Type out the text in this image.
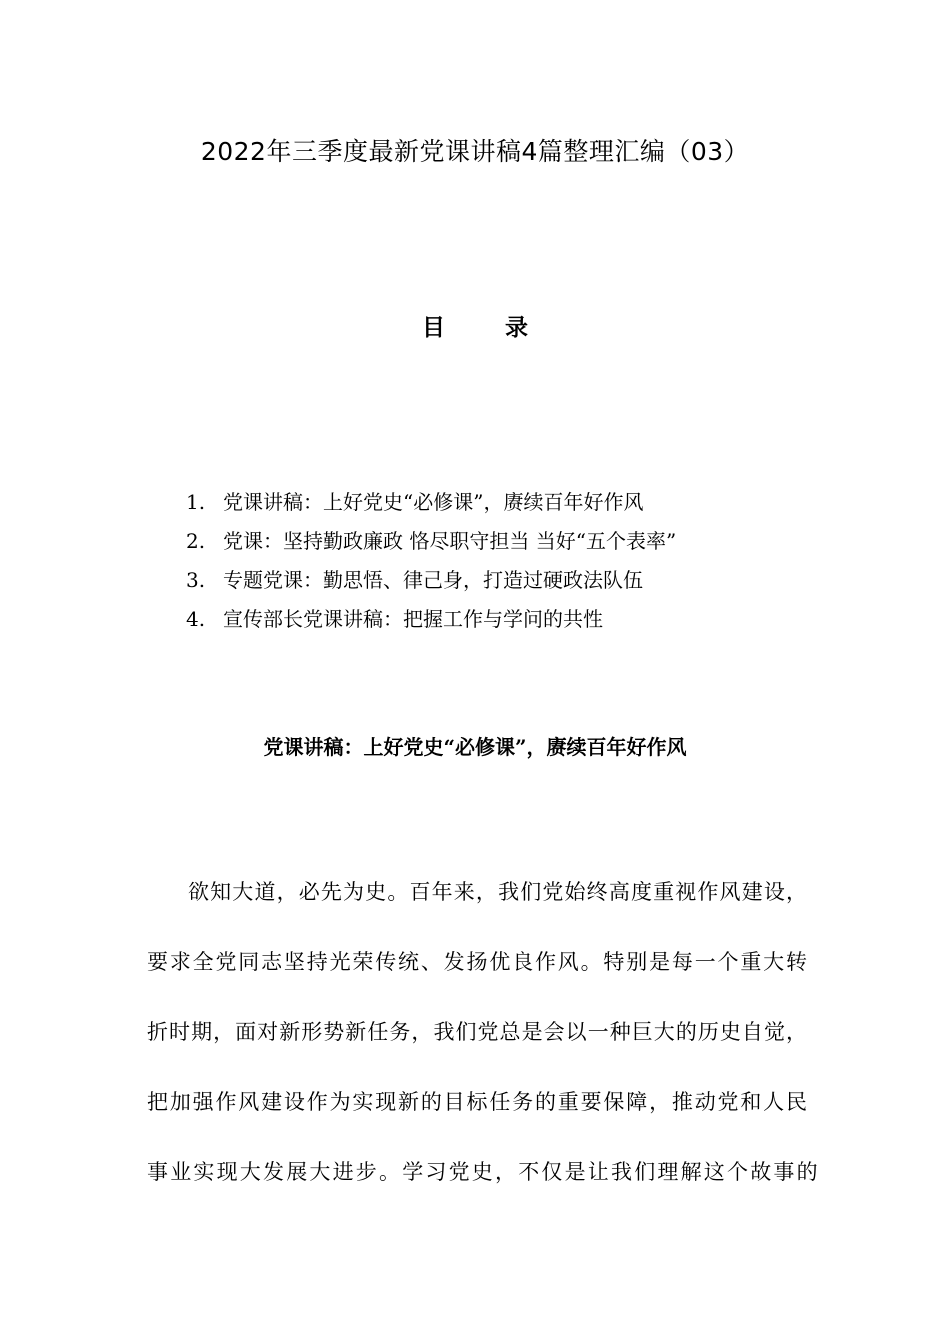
2022年三季度最新党课讲稿4篇整理汇编（03）
目 录
1. 党课讲稿：上好党史“必修课”，赓续百年好作风
2. 党课：坚持勤政廉政 恪尽职守担当 当好“五个表率”
3. 专题党课：勤思悟、律己身，打造过硬政法队伍
4. 宣传部长党课讲稿：把握工作与学问的共性
党课讲稿：上好党史“必修课”，赓续百年好作风
欲知大道，必先为史。百年来，我们党始终高度重视作风建设，
要求全党同志坚持光荣传统、发扬优良作风。特别是每一个重大转
折时期，面对新形势新任务，我们党总是会以一种巨大的历史自觉，
把加强作风建设作为实现新的目标任务的重要保障，推动党和人民
事业实现大发展大进步。学习党史，不仅是让我们理解这个故事的
